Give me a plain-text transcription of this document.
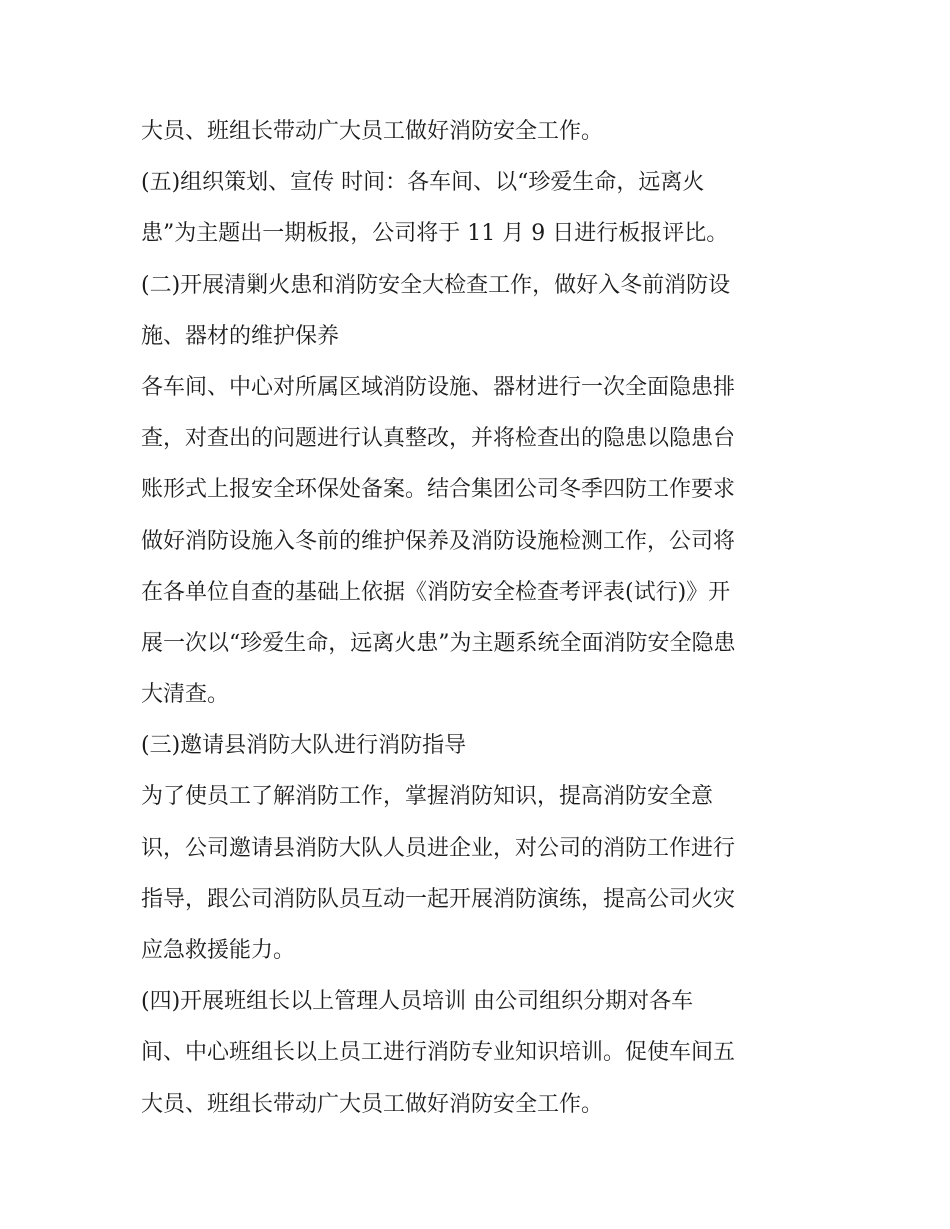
大员、班组长带动广大员工做好消防安全工作。
(五)组织策划、宣传 时间：各车间、以“珍爱生命，远离火
患”为主题出一期板报，公司将于 11 月 9 日进行板报评比。
(二)开展清剿火患和消防安全大检查工作，做好入冬前消防设
施、器材的维护保养
各车间、中心对所属区域消防设施、器材进行一次全面隐患排
查，对查出的问题进行认真整改，并将检查出的隐患以隐患台
账形式上报安全环保处备案。结合集团公司冬季四防工作要求
做好消防设施入冬前的维护保养及消防设施检测工作，公司将
在各单位自查的基础上依据《消防安全检查考评表(试行)》开
展一次以“珍爱生命，远离火患”为主题系统全面消防安全隐患
大清查。
(三)邀请县消防大队进行消防指导
为了使员工了解消防工作，掌握消防知识，提高消防安全意
识，公司邀请县消防大队人员进企业，对公司的消防工作进行
指导，跟公司消防队员互动一起开展消防演练，提高公司火灾
应急救援能力。
(四)开展班组长以上管理人员培训 由公司组织分期对各车
间、中心班组长以上员工进行消防专业知识培训。促使车间五
大员、班组长带动广大员工做好消防安全工作。
